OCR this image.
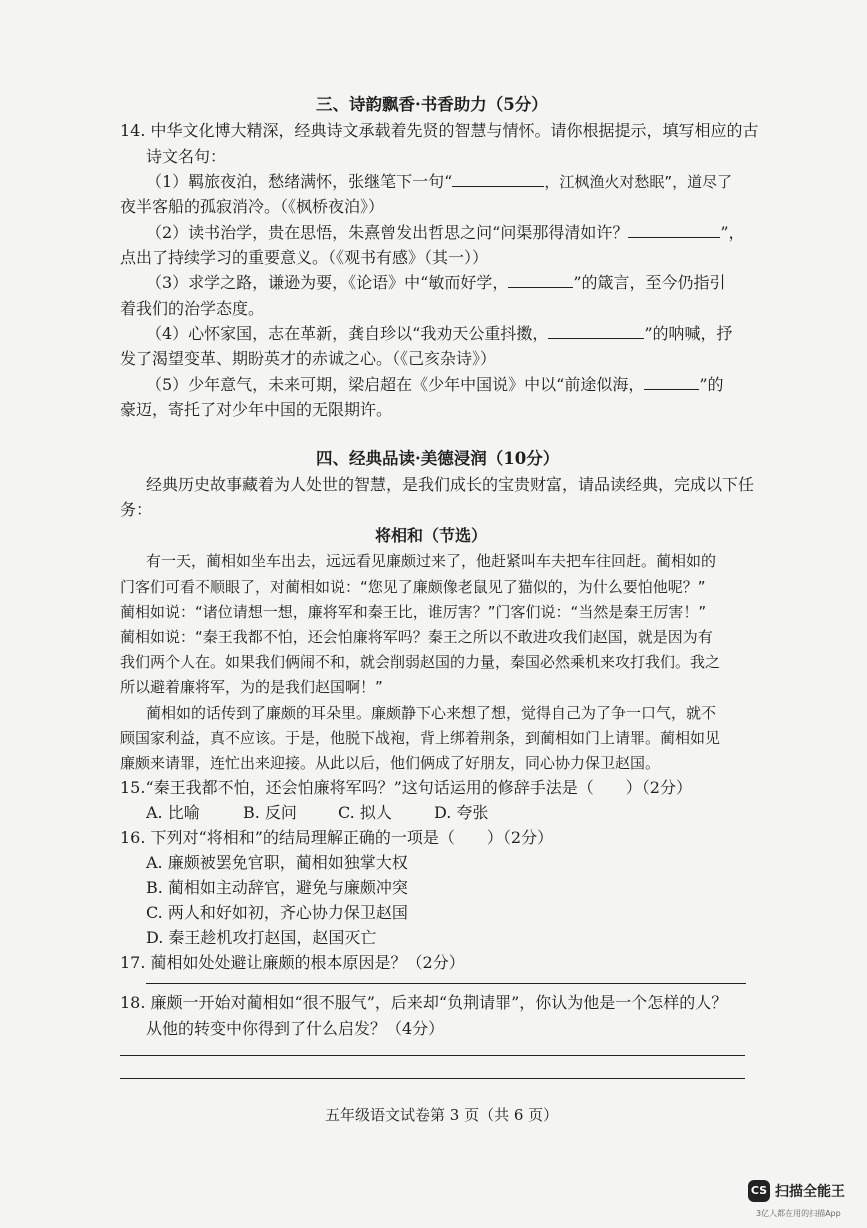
三、诗韵飘香·书香助力（5分）
14. 中华文化博大精深，经典诗文承载着先贤的智慧与情怀。请你根据提示，填写相应的古
诗文名句：
（1）羁旅夜泊，愁绪满怀，张继笔下一句“	，江枫渔火对愁眠”，道尽了
夜半客船的孤寂消冷。（《枫桥夜泊》）
（2）读书治学，贵在思悟，朱熹曾发出哲思之问“问渠那得清如许？	”，
点出了持续学习的重要意义。（《观书有感》（其一））
（3）求学之路，谦逊为要，《论语》中“敏而好学，	”的箴言，至今仍指引
着我们的治学态度。
（4）心怀家国，志在革新，龚自珍以“我劝天公重抖擞，	”的呐喊，抒
发了渴望变革、期盼英才的赤诚之心。（《己亥杂诗》）
（5）少年意气，未来可期，梁启超在《少年中国说》中以“前途似海，	”的
豪迈，寄托了对少年中国的无限期许。
四、经典品读·美德浸润（10分）
经典历史故事藏着为人处世的智慧，是我们成长的宝贵财富，请品读经典，完成以下任
务：
将相和（节选）
有一天，蔺相如坐车出去，远远看见廉颇过来了，他赶紧叫车夫把车往回赶。蔺相如的
门客们可看不顺眼了，对蔺相如说：“您见了廉颇像老鼠见了猫似的，为什么要怕他呢？”
蔺相如说：“诸位请想一想，廉将军和秦王比，谁厉害？”门客们说：“当然是秦王厉害！”
蔺相如说：“秦王我都不怕，还会怕廉将军吗？秦王之所以不敢进攻我们赵国，就是因为有
我们两个人在。如果我们俩闹不和，就会削弱赵国的力量，秦国必然乘机来攻打我们。我之
所以避着廉将军，为的是我们赵国啊！”
蔺相如的话传到了廉颇的耳朵里。廉颇静下心来想了想，觉得自己为了争一口气，就不
顾国家利益，真不应该。于是，他脱下战袍，背上绑着荆条，到蔺相如门上请罪。蔺相如见
廉颇来请罪，连忙出来迎接。从此以后，他们俩成了好朋友，同心协力保卫赵国。
15.“秦王我都不怕，还会怕廉将军吗？”这句话运用的修辞手法是（　　）（2分）
A. 比喻	B. 反问	C. 拟人	D. 夸张
16. 下列对“将相和”的结局理解正确的一项是（　　）（2分）
A. 廉颇被罢免官职，蔺相如独掌大权
B. 蔺相如主动辞官，避免与廉颇冲突
C. 两人和好如初，齐心协力保卫赵国
D. 秦王趁机攻打赵国，赵国灭亡
17. 蔺相如处处避让廉颇的根本原因是？（2分）
18. 廉颇一开始对蔺相如“很不服气”，后来却“负荆请罪”，你认为他是一个怎样的人？
从他的转变中你得到了什么启发？（4分）
五年级语文试卷第 3 页（共 6 页）
CS 扫描全能王
3亿人都在用的扫描App
